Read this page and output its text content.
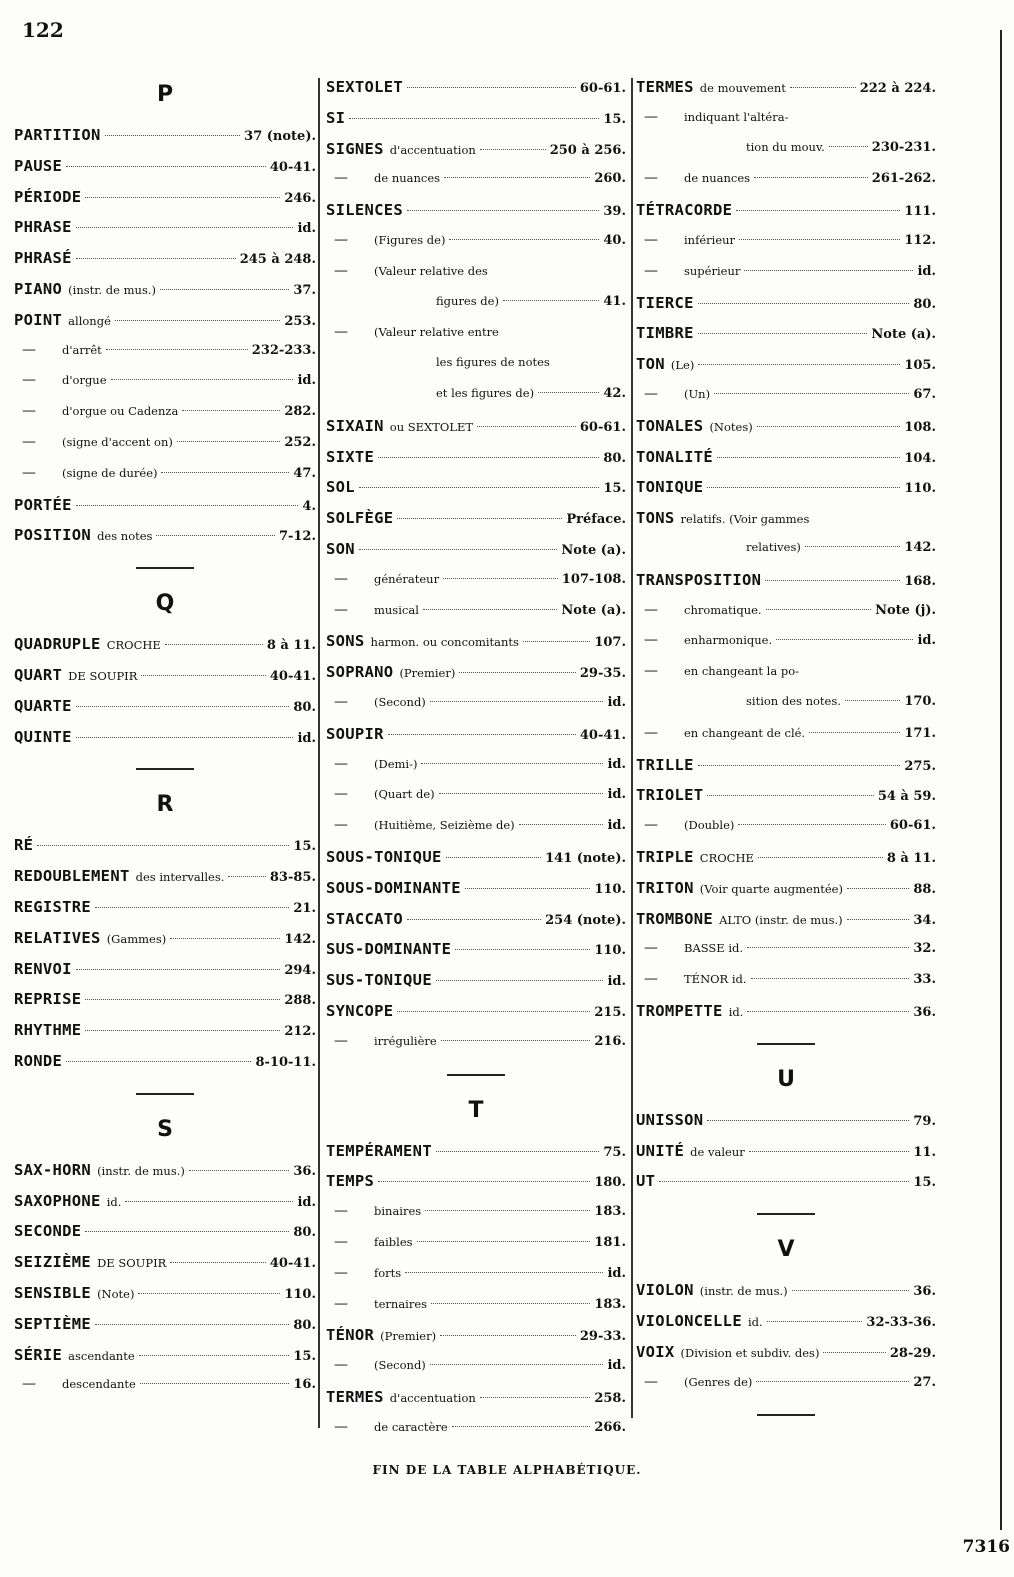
122
P
PARTITION	37 (note).
PAUSE	40-41.
PÉRIODE	246.
PHRASE	id.
PHRASÉ	245 à 248.
PIANO (instr. de mus.)	37.
POINT allongé	253.
—	d'arrêt	232-233.
—	d'orgue	id.
—	d'orgue ou Cadenza	282.
—	(signe d'accent on)	252.
—	(signe de durée)	47.
PORTÉE	4.
POSITION des notes	7-12.
Q
QUADRUPLE CROCHE	8 à 11.
QUART DE SOUPIR	40-41.
QUARTE	80.
QUINTE	id.
R
RÉ	15.
REDOUBLEMENT des intervalles.	83-85.
REGISTRE	21.
RELATIVES (Gammes)	142.
RENVOI	294.
REPRISE	288.
RHYTHME	212.
RONDE	8-10-11.
S
SAX-HORN (instr. de mus.)	36.
SAXOPHONE id.	id.
SECONDE	80.
SEIZIÈME DE SOUPIR	40-41.
SENSIBLE (Note)	110.
SEPTIÈME	80.
SÉRIE ascendante	15.
—	descendante	16.
SEXTOLET	60-61.
SI	15.
SIGNES d'accentuation	250 à 256.
—	de nuances	260.
SILENCES	39.
—	(Figures de)	40.
—	(Valeur relative des
figures de)	41.
—	(Valeur relative entre
les figures de notes
et les figures de)	42.
SIXAIN ou SEXTOLET	60-61.
SIXTE	80.
SOL	15.
SOLFÈGE	Préface.
SON	Note (a).
—	générateur	107-108.
—	musical	Note (a).
SONS harmon. ou concomitants	107.
SOPRANO (Premier)	29-35.
—	(Second)	id.
SOUPIR	40-41.
—	(Demi-)	id.
—	(Quart de)	id.
—	(Huitième, Seizième de)	id.
SOUS-TONIQUE	141 (note).
SOUS-DOMINANTE	110.
STACCATO	254 (note).
SUS-DOMINANTE	110.
SUS-TONIQUE	id.
SYNCOPE	215.
—	irrégulière	216.
T
TEMPÉRAMENT	75.
TEMPS	180.
—	binaires	183.
—	faibles	181.
—	forts	id.
—	ternaires	183.
TÉNOR (Premier)	29-33.
—	(Second)	id.
TERMES d'accentuation	258.
—	de caractère	266.
TERMES de mouvement	222 à 224.
—	indiquant l'altéra-
tion du mouv.	230-231.
—	de nuances	261-262.
TÉTRACORDE	111.
—	inférieur	112.
—	supérieur	id.
TIERCE	80.
TIMBRE	Note (a).
TON (Le)	105.
—	(Un)	67.
TONALES (Notes)	108.
TONALITÉ	104.
TONIQUE	110.
TONS relatifs. (Voir gammes
relatives)	142.
TRANSPOSITION	168.
—	chromatique.	Note (j).
—	enharmonique.	id.
—	en changeant la po-
sition des notes.	170.
—	en changeant de clé.	171.
TRILLE	275.
TRIOLET	54 à 59.
—	(Double)	60-61.
TRIPLE CROCHE	8 à 11.
TRITON (Voir quarte augmentée)	88.
TROMBONE ALTO (instr. de mus.)	34.
—	BASSE id.	32.
—	TÉNOR id.	33.
TROMPETTE id.	36.
U
UNISSON	79.
UNITÉ de valeur	11.
UT	15.
V
VIOLON (instr. de mus.)	36.
VIOLONCELLE id.	32-33-36.
VOIX (Division et subdiv. des)	28-29.
—	(Genres de)	27.
FIN DE LA TABLE ALPHABÉTIQUE.
7316
